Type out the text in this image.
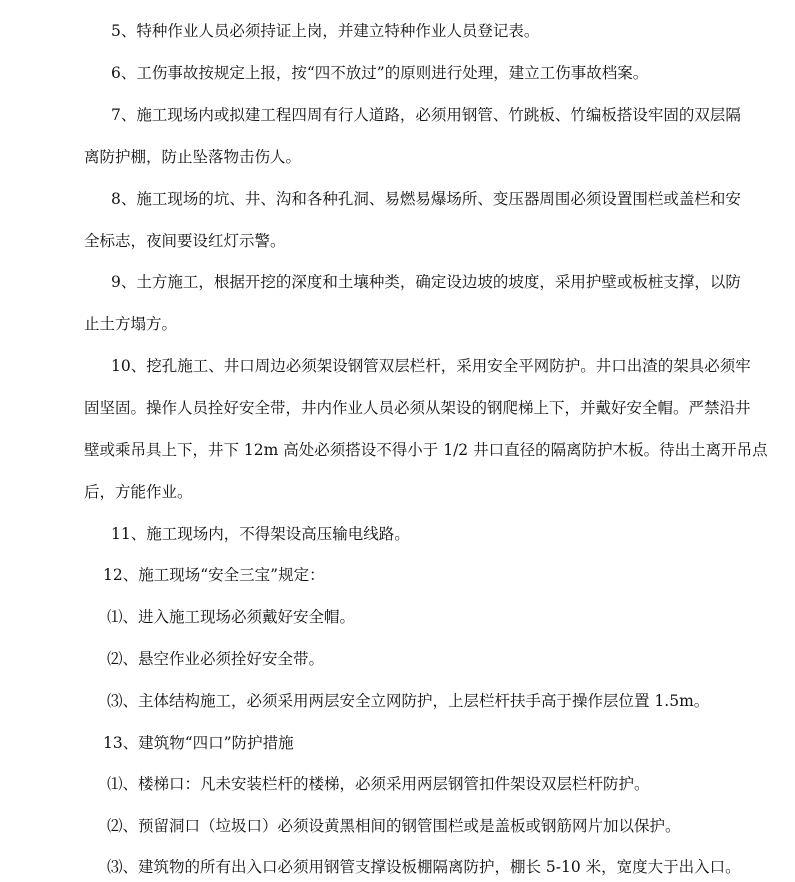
5、特种作业人员必须持证上岗，并建立特种作业人员登记表。
6、工伤事故按规定上报，按“四不放过”的原则进行处理，建立工伤事故档案。
7、施工现场内或拟建工程四周有行人道路，必须用钢管、竹跳板、竹编板搭设牢固的双层隔
离防护棚，防止坠落物击伤人。
8、施工现场的坑、井、沟和各种孔洞、易燃易爆场所、变压器周围必须设置围栏或盖栏和安
全标志，夜间要设红灯示警。
9、土方施工，根据开挖的深度和土壤种类，确定设边坡的坡度，采用护壁或板桩支撑，以防
止土方塌方。
10、挖孔施工、井口周边必须架设钢管双层栏杆，采用安全平网防护。井口出渣的架具必须牢
固坚固。操作人员拴好安全带，井内作业人员必须从架设的钢爬梯上下，并戴好安全帽。严禁沿井
壁或乘吊具上下，井下 12m 高处必须搭设不得小于 1/2 井口直径的隔离防护木板。待出土离开吊点
后，方能作业。
11、施工现场内，不得架设高压输电线路。
12、施工现场“安全三宝”规定：
⑴、进入施工现场必须戴好安全帽。
⑵、悬空作业必须拴好安全带。
⑶、主体结构施工，必须采用两层安全立网防护，上层栏杆扶手高于操作层位置 1.5m。
13、建筑物“四口”防护措施
⑴、楼梯口：凡未安装栏杆的楼梯，必须采用两层钢管扣件架设双层栏杆防护。
⑵、预留洞口（垃圾口）必须设黄黑相间的钢管围栏或是盖板或钢筋网片加以保护。
⑶、建筑物的所有出入口必须用钢管支撑设板棚隔离防护，棚长 5-10 米，宽度大于出入口。
